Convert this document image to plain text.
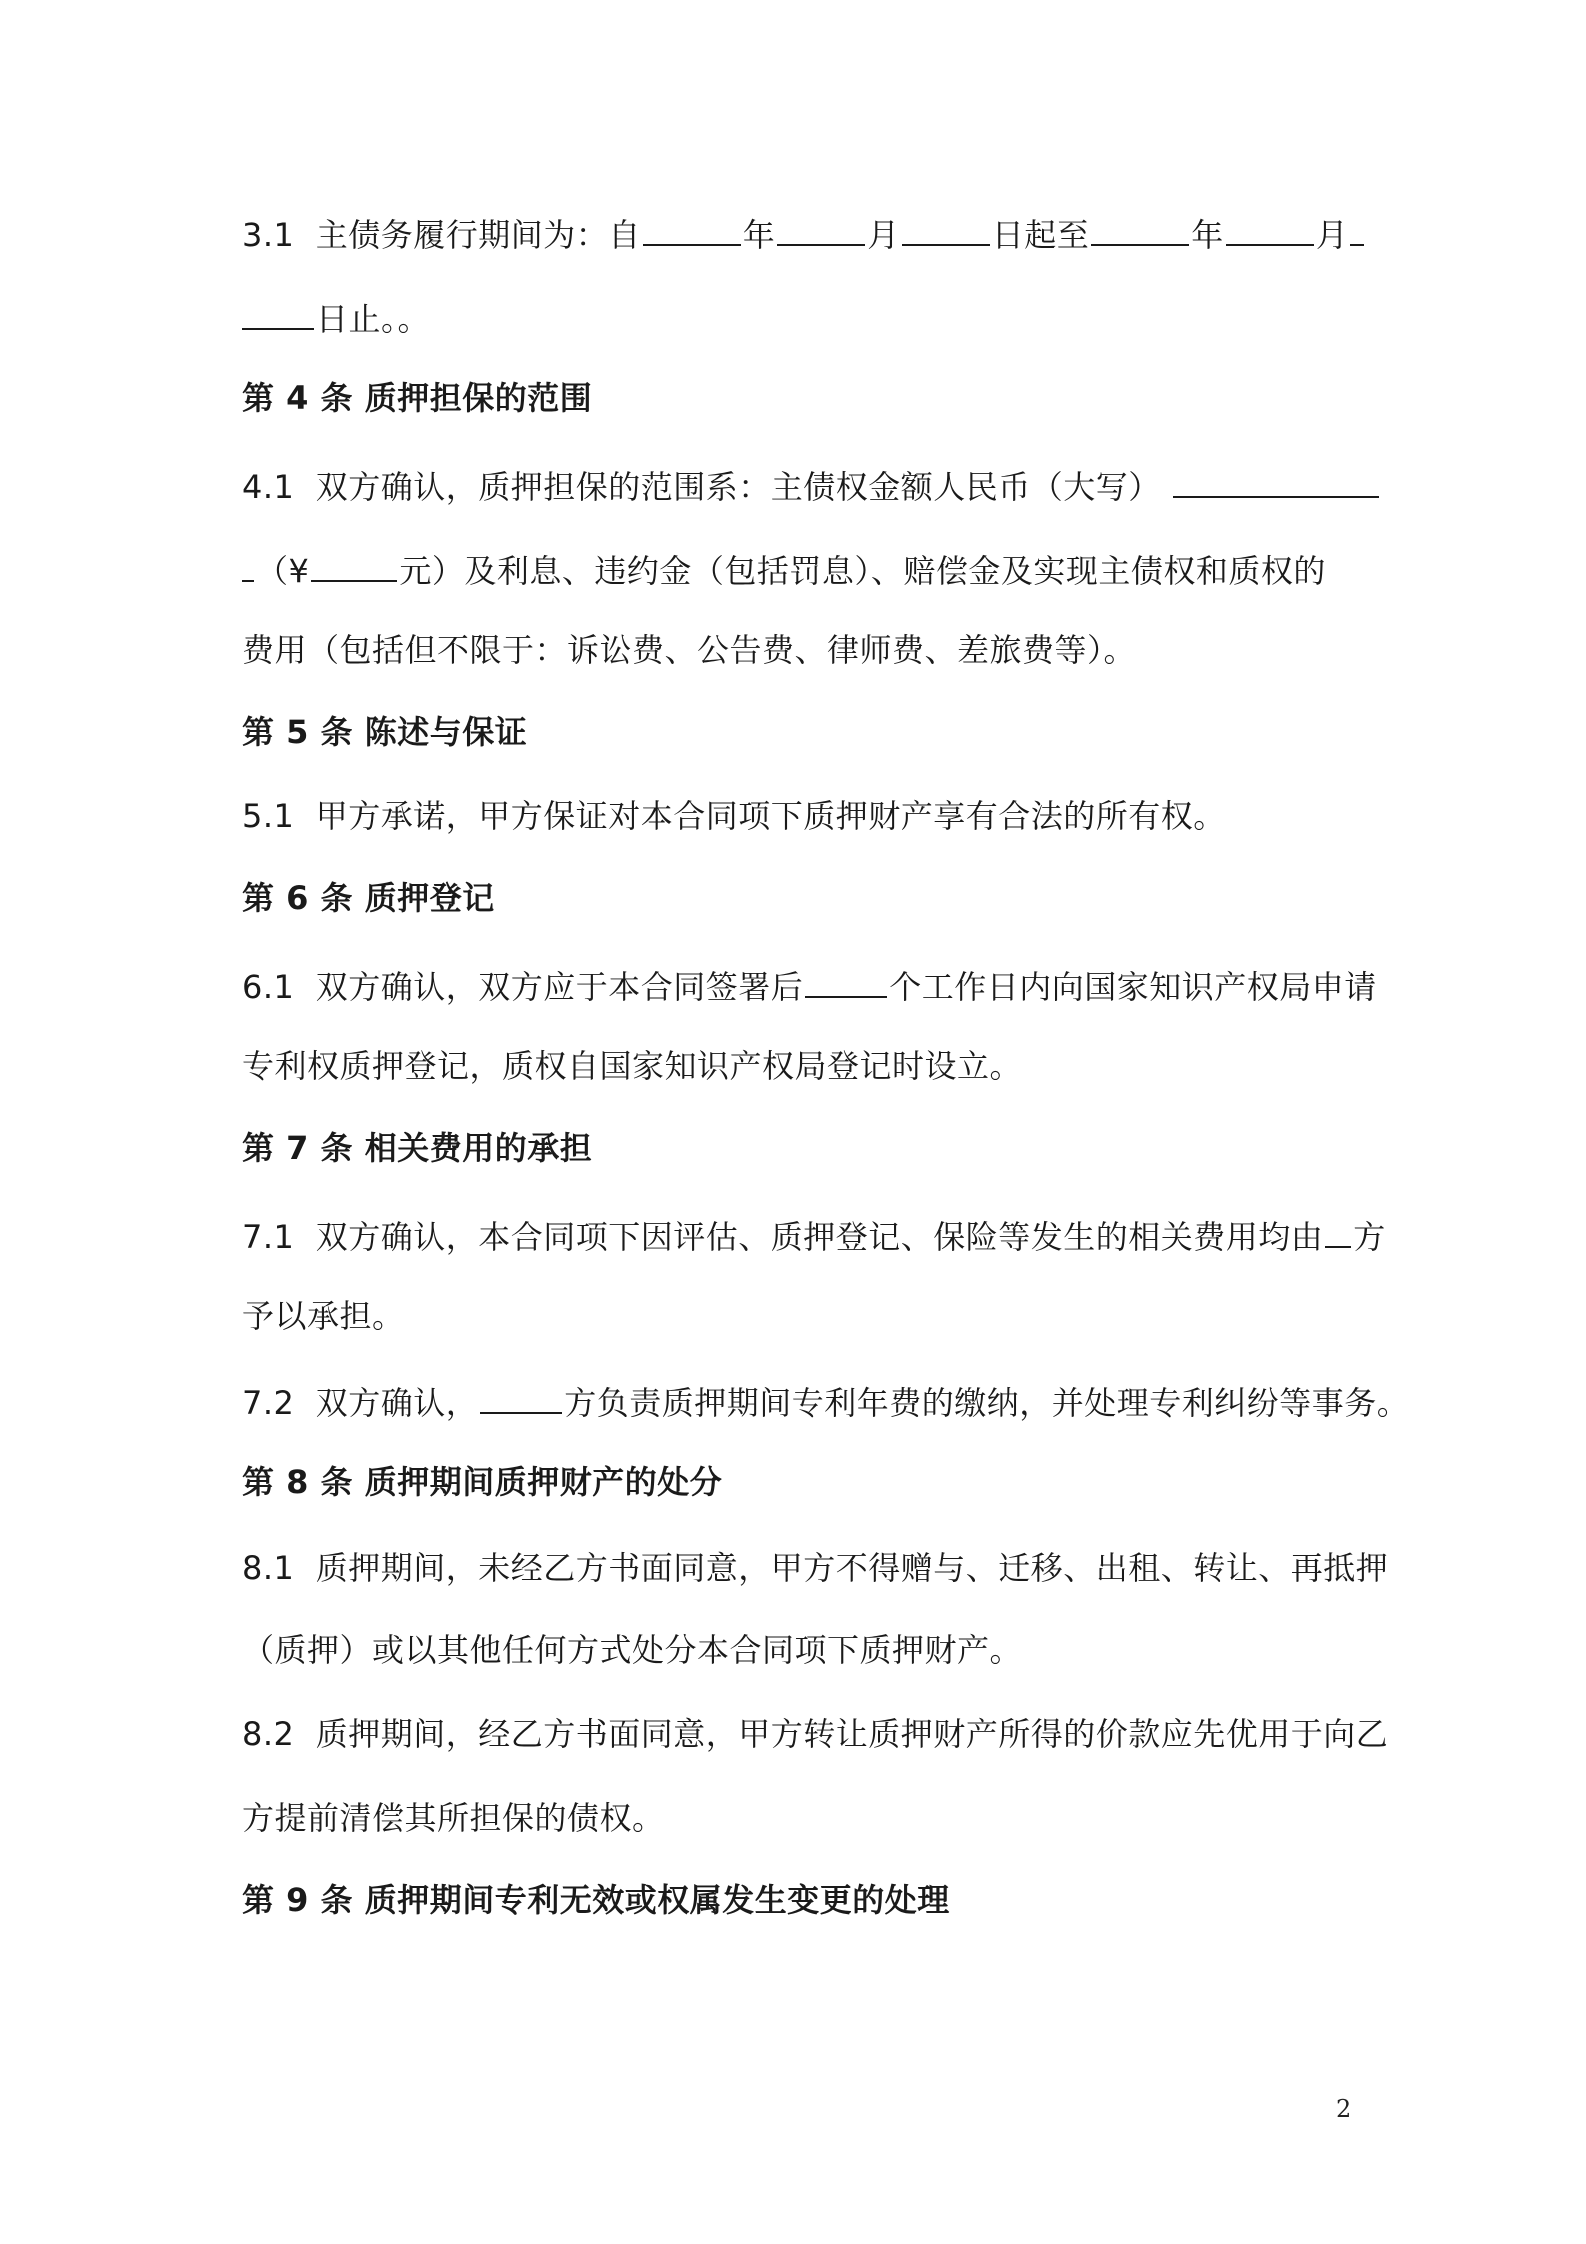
3.1 主债务履行期间为：自	年	月	日起至	年	月
日止。。
第 4 条 质押担保的范围
4.1 双方确认，质押担保的范围系：主债权金额人民币（大写）
（¥	元）及利息、违约金（包括罚息）、赔偿金及实现主债权和质权的
费用（包括但不限于：诉讼费、公告费、律师费、差旅费等）。
第 5 条 陈述与保证
5.1 甲方承诺，甲方保证对本合同项下质押财产享有合法的所有权。
第 6 条 质押登记
6.1 双方确认，双方应于本合同签署后	个工作日内向国家知识产权局申请
专利权质押登记，质权自国家知识产权局登记时设立。
第 7 条 相关费用的承担
7.1 双方确认，本合同项下因评估、质押登记、保险等发生的相关费用均由 方
予以承担。
7.2 双方确认，	方负责质押期间专利年费的缴纳，并处理专利纠纷等事务。
第 8 条 质押期间质押财产的处分
8.1 质押期间，未经乙方书面同意，甲方不得赠与、迁移、出租、转让、再抵押
（质押）或以其他任何方式处分本合同项下质押财产。
8.2 质押期间，经乙方书面同意，甲方转让质押财产所得的价款应先优用于向乙
方提前清偿其所担保的债权。
第 9 条 质押期间专利无效或权属发生变更的处理
2
